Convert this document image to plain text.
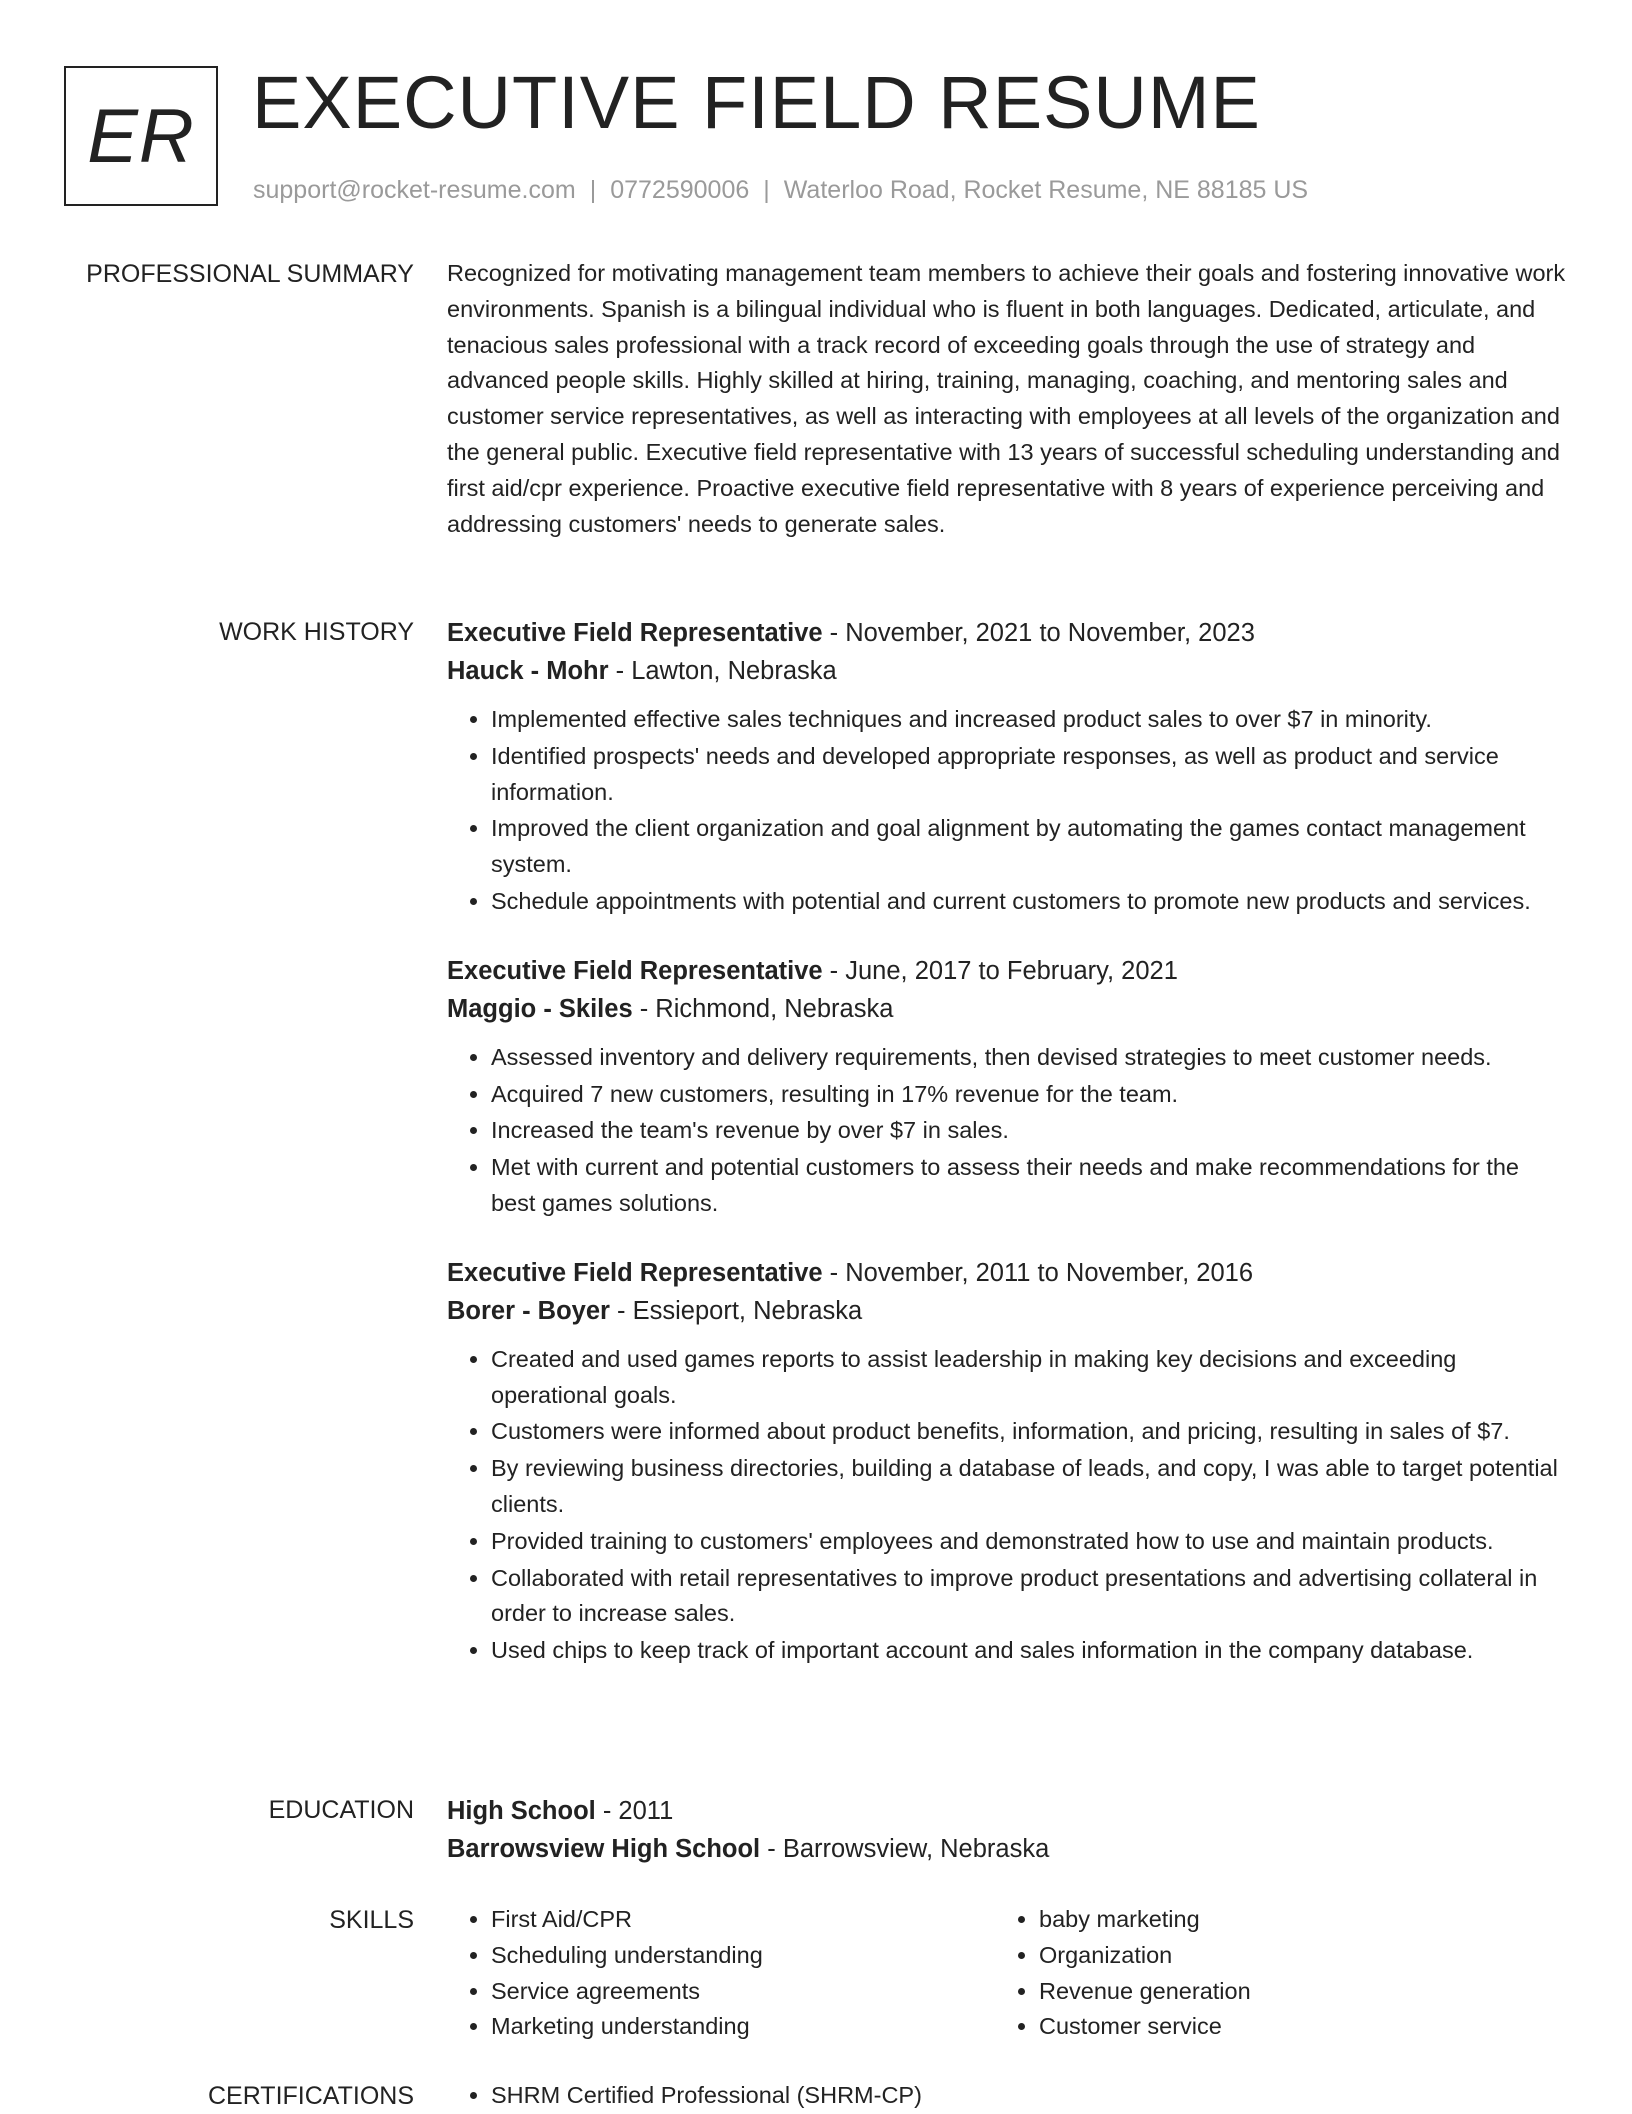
ER EXECUTIVE FIELD RESUME
support@rocket-resume.com | 0772590006 | Waterloo Road, Rocket Resume, NE 88185 US
PROFESSIONAL SUMMARY Recognized for motivating management team members to achieve their goals and fostering innovative work environments. Spanish is a bilingual individual who is fluent in both languages. Dedicated, articulate, and tenacious sales professional with a track record of exceeding goals through the use of strategy and advanced people skills. Highly skilled at hiring, training, managing, coaching, and mentoring sales and customer service representatives, as well as interacting with employees at all levels of the organization and the general public. Executive field representative with 13 years of successful scheduling understanding and first aid/cpr experience. Proactive executive field representative with 8 years of experience perceiving and addressing customers' needs to generate sales.

WORK HISTORY Executive Field Representative - November, 2021 to November, 2023
Hauck - Mohr - Lawton, Nebraska
• Implemented effective sales techniques and increased product sales to over $7 in minority.
• Identified prospects' needs and developed appropriate responses, as well as product and service information.
• Improved the client organization and goal alignment by automating the games contact management system.
• Schedule appointments with potential and current customers to promote new products and services.
Executive Field Representative - June, 2017 to February, 2021
Maggio - Skiles - Richmond, Nebraska
• Assessed inventory and delivery requirements, then devised strategies to meet customer needs.
• Acquired 7 new customers, resulting in 17% revenue for the team.
• Increased the team's revenue by over $7 in sales.
• Met with current and potential customers to assess their needs and make recommendations for the best games solutions.
Executive Field Representative - November, 2011 to November, 2016
Borer - Boyer - Essieport, Nebraska
• Created and used games reports to assist leadership in making key decisions and exceeding operational goals.
• Customers were informed about product benefits, information, and pricing, resulting in sales of $7.
• By reviewing business directories, building a database of leads, and copy, I was able to target potential clients.
• Provided training to customers' employees and demonstrated how to use and maintain products.
• Collaborated with retail representatives to improve product presentations and advertising collateral in order to increase sales.
• Used chips to keep track of important account and sales information in the company database.
EDUCATION High School - 2011
Barrowsview High School - Barrowsview, Nebraska
SKILLS	• First Aid/CPR
• Scheduling understanding
• Service agreements
• Marketing understanding
• baby marketing
• Organization
• Revenue generation
• Customer service
CERTIFICATIONS	• SHRM Certified Professional (SHRM-CP)
